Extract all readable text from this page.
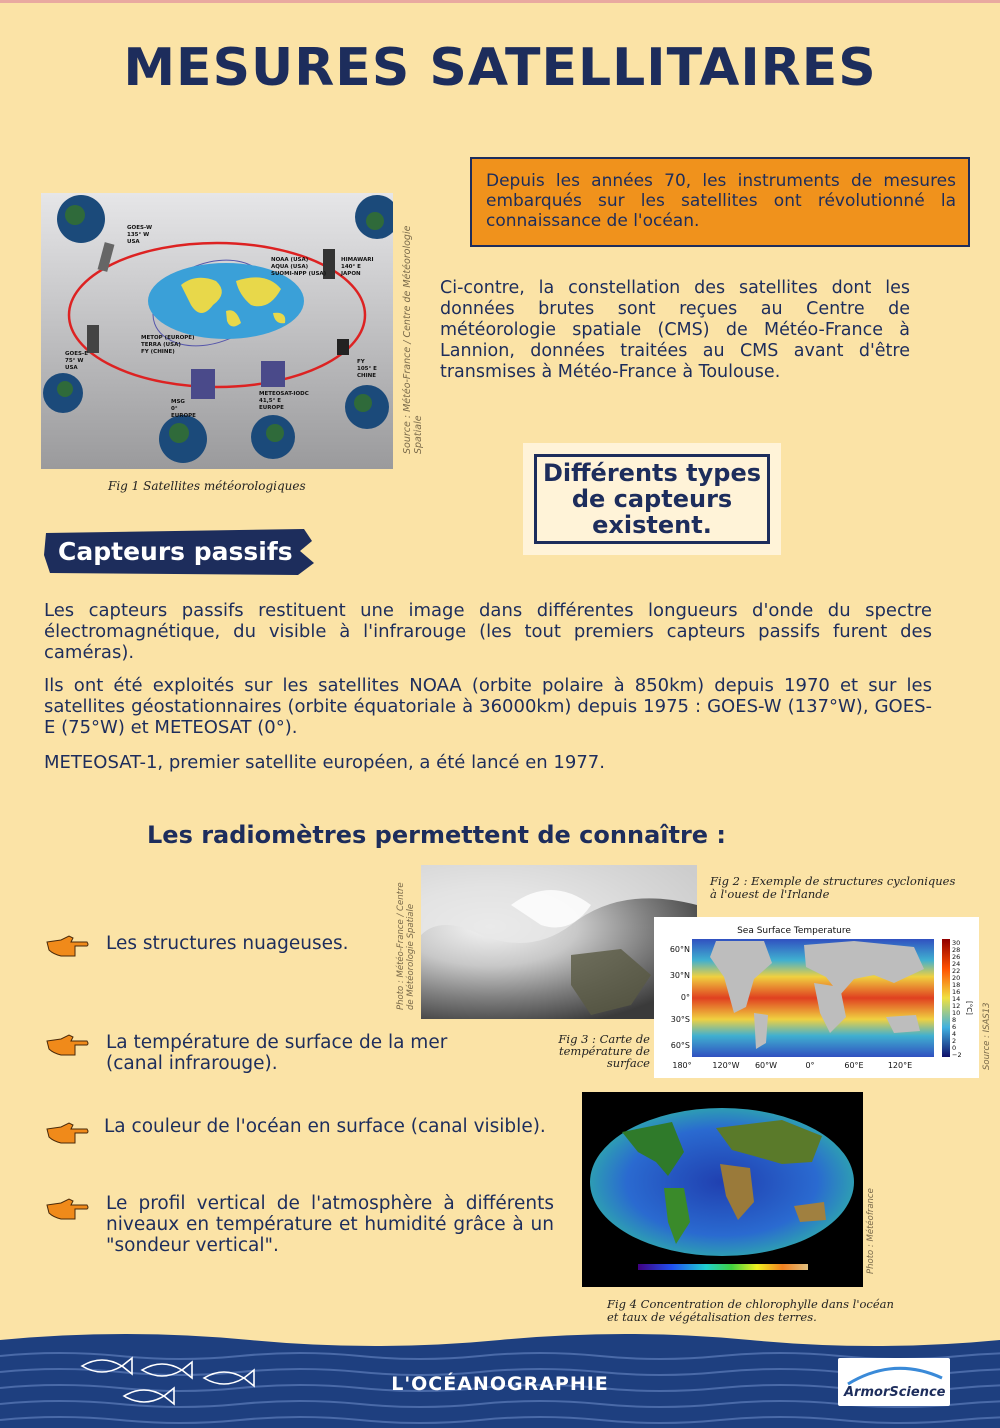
MESURES SATELLITAIRES
GOES-W
135° W
USA
HIMAWARI
140° E
JAPON
NOAA (USA)
AQUA (USA)
SUOMI-NPP (USA)
METOP (EUROPE)
TERRA (USA)
FY (CHINE)
GOES-E
75° W
USA
FY
105° E
CHINE
MSG
0°
EUROPE
METEOSAT-IODC
41,5° E
EUROPE	Source : Météo-France / Centre de Météorologie Spatiale
Fig 1 Satellites météorologiques
Depuis les années 70, les instruments de mesures embarqués sur les satellites ont révolutionné la connaissance de l'océan.
Ci-contre, la constellation des satellites dont les données brutes sont reçues au Centre de météorologie spatiale (CMS) de Météo-France à Lannion, données traitées au CMS avant d'être transmises à Météo-France à Toulouse.
Différents types de capteurs existent.
Capteurs passifs
Les capteurs passifs restituent une image dans différentes longueurs d'onde du spectre électromagnétique, du visible à l'infrarouge (les tout premiers capteurs passifs furent des caméras).
Ils ont été exploités sur les satellites NOAA (orbite polaire à 850km) depuis 1970 et sur les satellites géostationnaires (orbite équatoriale à 36000km) depuis 1975 : GOES-W (137°W), GOES-E (75°W) et METEOSAT (0°).
METEOSAT-1, premier satellite européen, a été lancé en 1977.
Les radiomètres permettent de connaître :
Les structures nuageuses.
La température de surface de la mer (canal infrarouge).
La couleur de l'océan en surface (canal visible).
Le profil vertical de l'atmosphère à différents niveaux en température et humidité grâce à un "sondeur vertical".
Photo : Météo-France / Centre de Météorologie Spatiale
Fig 2 : Exemple de structures cycloniques à l'ouest de l'Irlande
Sea Surface Temperature
60°N
30°N
0°
30°S
60°S
180°	120°W 60°W	0°	60°E	120°E
30
28
26
24
22
20
18
16
14
12
10
8
6
4
2
0
−2
[°C] Source : ISAS13
Fig 3 : Carte de température de surface
Photo : Météofrance
Fig 4 Concentration de chlorophylle dans l'océan et taux de végétalisation des terres.
L'OCÉANOGRAPHIE	ArmorScience
